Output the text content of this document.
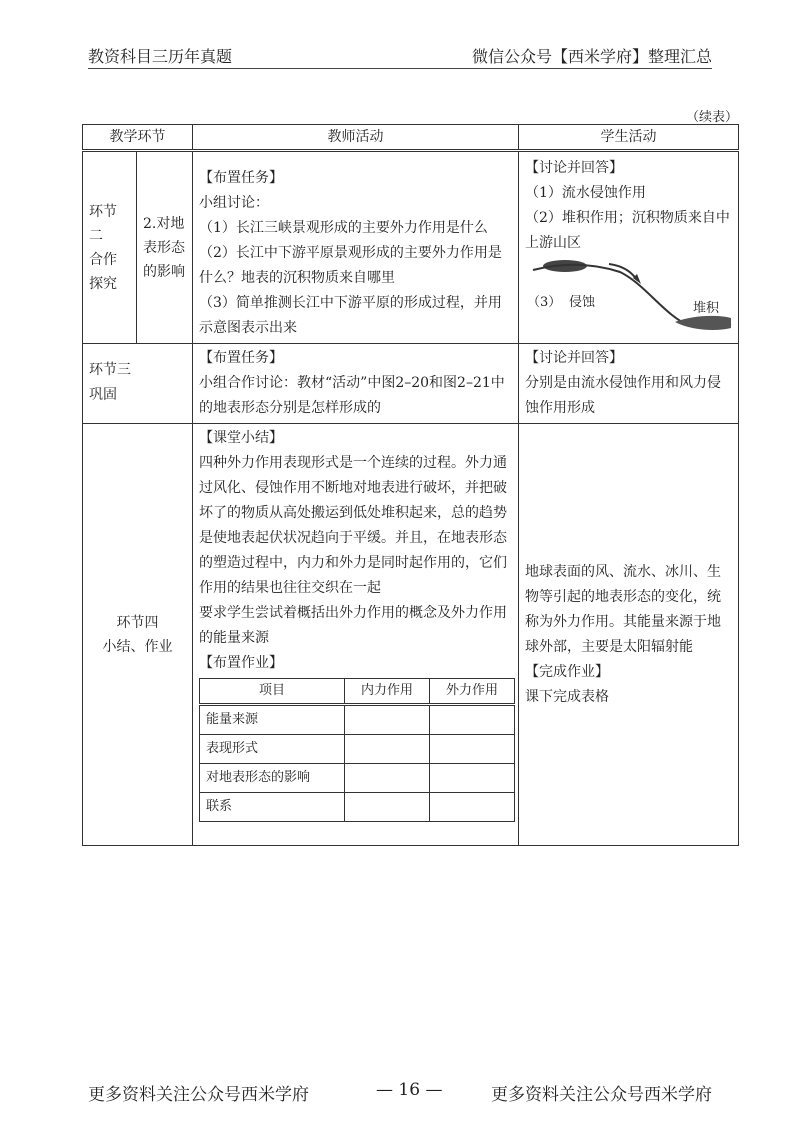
教资科目三历年真题	微信公众号【西米学府】整理汇总
（续表）
教学环节	教师活动	学生活动

环节二
合作
探究

2.对地
表形态
的影响

【布置任务】
小组讨论：
（1）长江三峡景观形成的主要外力作用是什么
（2）长江中下游平原景观形成的主要外力作用是什么？地表的沉积物质来自哪里
（3）简单推测长江中下游平原的形成过程，并用示意图表示出来

【讨论并回答】
（1）流水侵蚀作用
（2）堆积作用；沉积物质来自中上游山区
（3） 侵蚀	堆积

环节三
巩固

【布置任务】
小组合作讨论：教材“活动”中图2–20和图2–21中的地表形态分别是怎样形成的

【讨论并回答】
分别是由流水侵蚀作用和风力侵蚀作用形成

环节四
小结、作业

【课堂小结】
四种外力作用表现形式是一个连续的过程。外力通过风化、侵蚀作用不断地对地表进行破坏，并把破坏了的物质从高处搬运到低处堆积起来，总的趋势是使地表起伏状况趋向于平缓。并且，在地表形态的塑造过程中，内力和外力是同时起作用的，它们作用的结果也往往交织在一起
要求学生尝试着概括出外力作用的概念及外力作用的能量来源
【布置作业】
项目	内力作用	外力作用
能量来源		
表现形式		
对地表形态的影响		
联系		

地球表面的风、流水、冰川、生物等引起的地表形态的变化，统称为外力作用。其能量来源于地球外部，主要是太阳辐射能
【完成作业】
课下完成表格
更多资料关注公众号西米学府	— 16 —	更多资料关注公众号西米学府
